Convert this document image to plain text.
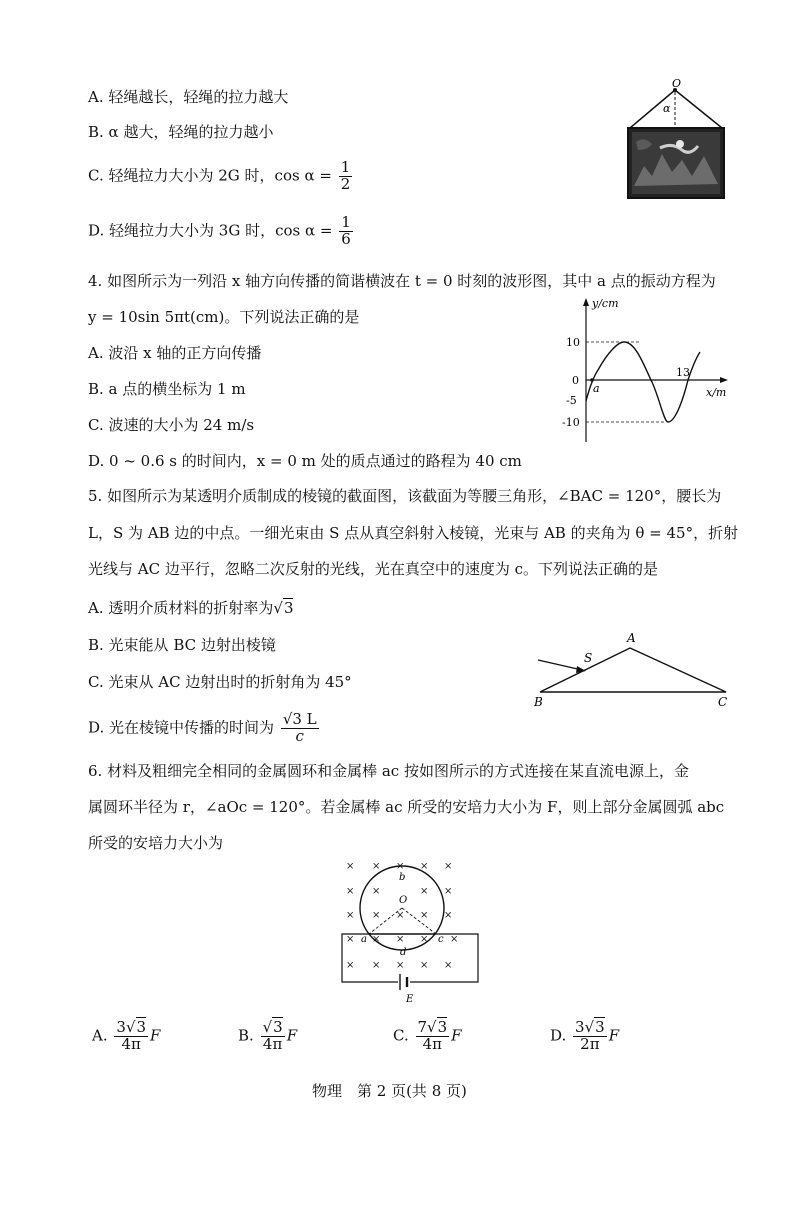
A. 轻绳越长，轻绳的拉力越大
B. α 越大，轻绳的拉力越小
C. 轻绳拉力大小为 2G 时，$\cos \alpha = \frac{1}{2}$
D. 轻绳拉力大小为 3G 时，$\cos \alpha = \frac{1}{6}$
O
α
4. 如图所示为一列沿 x 轴方向传播的简谐横波在 t = 0 时刻的波形图，其中 a 点的振动方程为
y = 10sin 5πt(cm)。下列说法正确的是
A. 波沿 x 轴的正方向传播
B. a 点的横坐标为 1 m
C. 波速的大小为 24 m/s
D. 0 ~ 0.6 s 的时间内，x = 0 m 处的质点通过的路程为 40 cm
y/cm
x/m
10
0
-5
-10
13
a
5. 如图所示为某透明介质制成的棱镜的截面图，该截面为等腰三角形，∠BAC = 120°，腰长为
L，S 为 AB 边的中点。一细光束由 S 点从真空斜射入棱镜，光束与 AB 的夹角为 θ = 45°，折射
光线与 AC 边平行，忽略二次反射的光线，光在真空中的速度为 c。下列说法正确的是
A. 透明介质材料的折射率为√3
B. 光束能从 BC 边射出棱镜
C. 光束从 AC 边射出时的折射角为 45°
D. 光在棱镜中传播的时间为 $\frac{√3 L}{c}$
A
B	C
S
6. 材料及粗细完全相同的金属圆环和金属棒 ac 按如图所示的方式连接在某直流电源上，金
属圆环半径为 r，∠aOc = 120°。若金属棒 ac 所受的安培力大小为 F，则上部分金属圆弧 abc
所受的安培力大小为
× × × × ×
× ×	× ×
× × × × ×
× × × × ×
× × × × ×
O
b
a	c
d
E
A. $\frac{3√3}{4\pi}$ F	B. $\frac{√3}{4\pi}$ F	C. $\frac{7√3}{4\pi}$ F	D. $\frac{3√3}{2\pi}$ F
物理　第 2 页(共 8 页)
